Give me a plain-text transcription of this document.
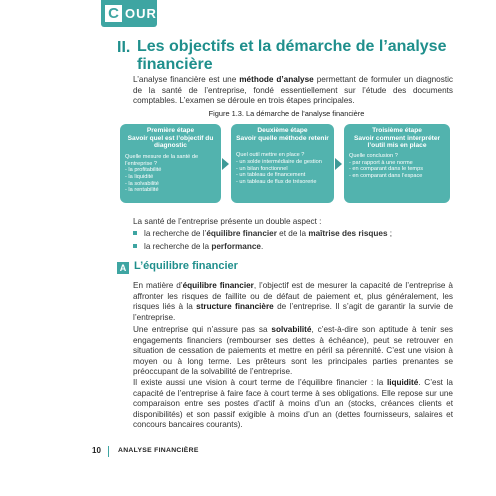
C OURS
II. Les objectifs et la démarche de l’analyse financière
L’analyse financière est une méthode d’analyse permettant de formuler un diagnostic de la santé de l’entreprise, fondé essentiellement sur l’étude des documents comptables. L’examen se déroule en trois étapes principales.
Figure 1.3. La démarche de l’analyse financière
Première étape
Savoir quel est l’objectif du diagnostic
Quelle mesure de la santé de l’entreprise ?
- la profitabilité
- la liquidité
- la solvabilité
- la rentabilité
Deuxième étape
Savoir quelle méthode retenir
Quel outil mettre en place ?
- un solde intermédiaire de gestion
- un bilan fonctionnel
- un tableau de financement
- un tableau de flux de trésorerie
Troisième étape
Savoir comment interpréter l’outil mis en place
Quelle conclusion ?
- par rapport à une norme
- en comparant dans le temps
- en comparant dans l’espace
La santé de l’entreprise présente un double aspect :
la recherche de l’équilibre financier et de la maîtrise des risques ;
la recherche de la performance.
A L’équilibre financier
En matière d’équilibre financier, l’objectif est de mesurer la capacité de l’entreprise à affronter les risques de faillite ou de défaut de paiement et, plus généralement, les risques liés à la structure financière de l’entreprise. Il s’agit de garantir la survie de l’entreprise.
Une entreprise qui n’assure pas sa solvabilité, c’est-à-dire son aptitude à tenir ses engagements financiers (rembourser ses dettes à échéance), peut se retrouver en situation de cessation de paiements et mettre en péril sa pérennité. C’est une vision à moyen ou à long terme. Les prêteurs sont les principales parties prenantes se préoccupant de la solvabilité de l’entreprise.
Il existe aussi une vision à court terme de l’équilibre financier : la liquidité. C’est la capacité de l’entreprise à faire face à court terme à ses obligations. Elle repose sur une comparaison entre ses postes d’actif à moins d’un an (stocks, créances clients et disponibilités) et son passif exigible à moins d’un an (dettes fournisseurs, salaires et concours bancaires courants).
10	ANALYSE FINANCIÈRE
